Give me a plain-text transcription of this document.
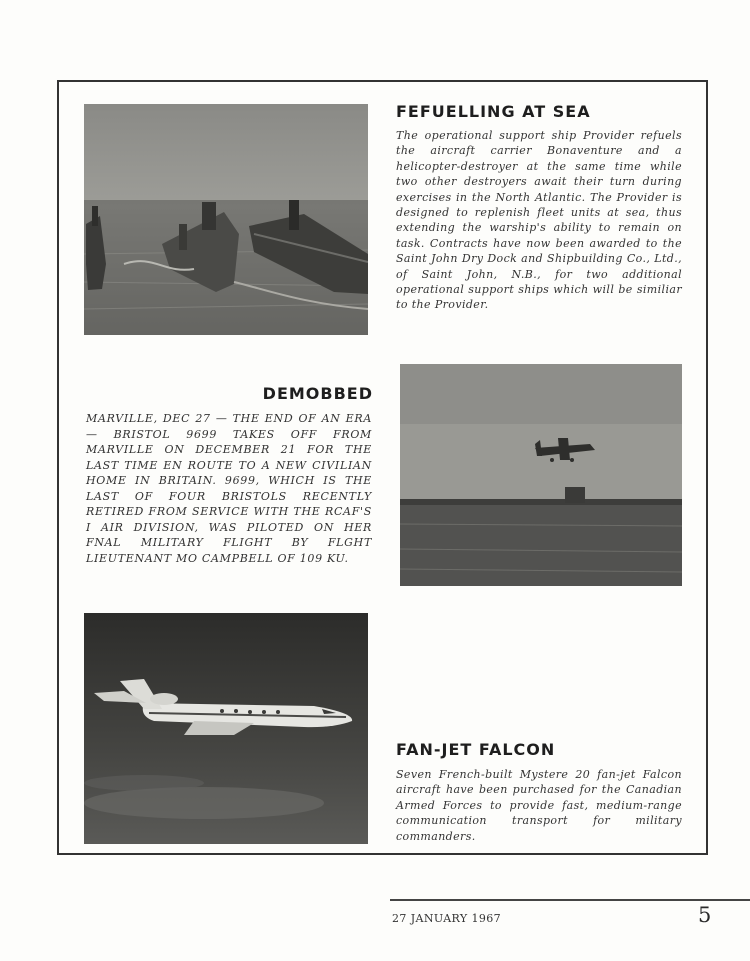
FEFUELLING AT SEA

The operational support ship Provider refuels the aircraft carrier Bonaventure and a helicopter-destroyer at the same time while two other destroyers await their turn during exercises in the North Atlantic. The Provider is designed to replenish fleet units at sea, thus extending the warship's ability to remain on task. Contracts have now been awarded to the Saint John Dry Dock and Shipbuilding Co., Ltd., of Saint John, N.B., for two additional operational support ships which will be similiar to the Provider.

DEMOBBED

MARVILLE, DEC 27 — THE END OF AN ERA — BRISTOL 9699 TAKES OFF FROM MARVILLE ON DECEMBER 21 FOR THE LAST TIME EN ROUTE TO A NEW CIVILIAN HOME IN BRITAIN. 9699, WHICH IS THE LAST OF FOUR BRISTOLS RECENTLY RETIRED FROM SERVICE WITH THE RCAF'S I AIR DIVISION, WAS PILOTED ON HER FNAL MILITARY FLIGHT BY FLGHT LIEUTENANT MO CAMPBELL OF 109 KU.

FAN-JET FALCON

Seven French-built Mystere 20 fan-jet Falcon aircraft have been purchased for the Canadian Armed Forces to provide fast, medium-range communication transport for military commanders.

27 JANUARY 1967	5
